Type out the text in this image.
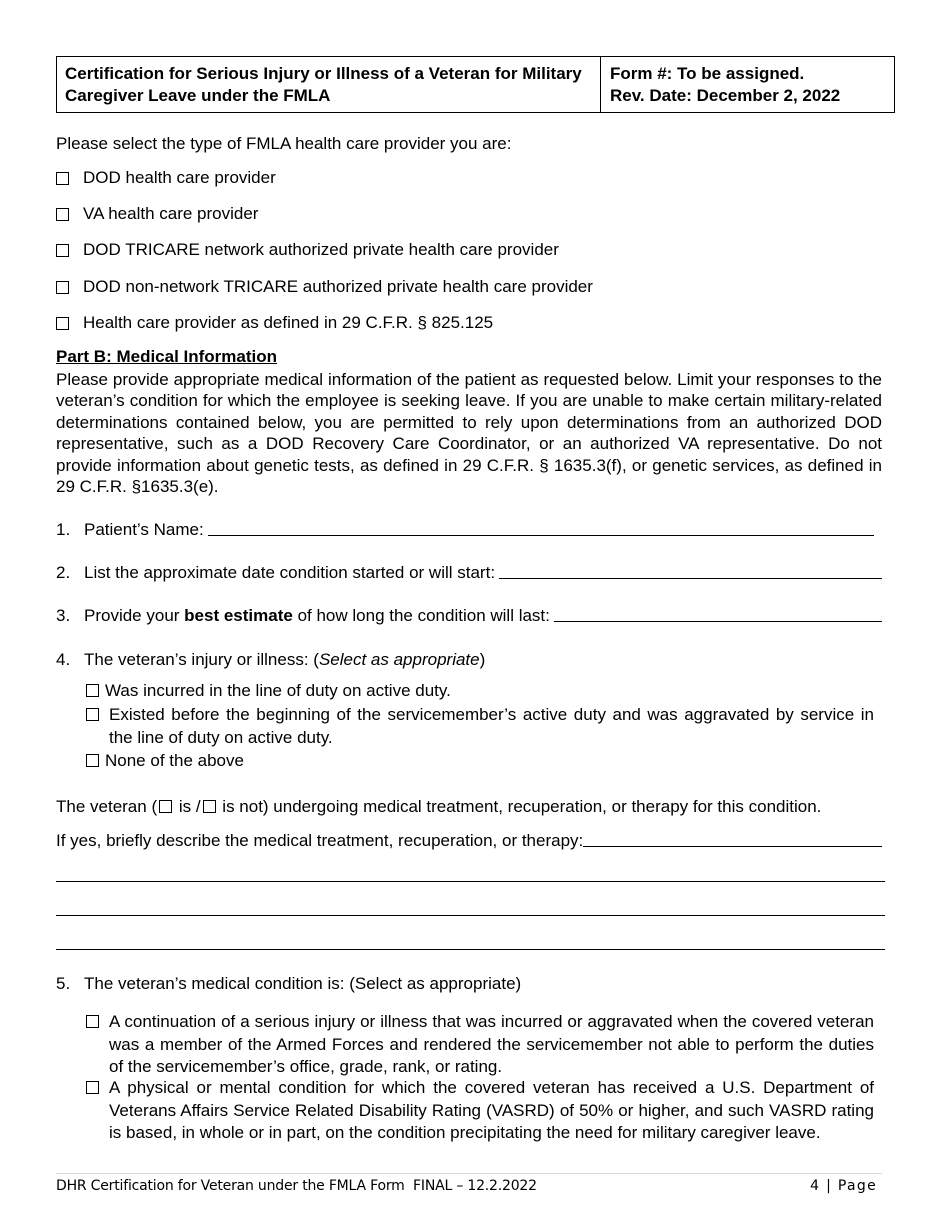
Certification for Serious Injury or Illness of a Veteran for Military Caregiver Leave under the FMLA
Form #: To be assigned.
Rev. Date: December 2, 2022
Please select the type of FMLA health care provider you are:
DOD health care provider
VA health care provider
DOD TRICARE network authorized private health care provider
DOD non-network TRICARE authorized private health care provider
Health care provider as defined in 29 C.F.R. § 825.125
Part B: Medical Information
Please provide appropriate medical information of the patient as requested below. Limit your responses to the veteran’s condition for which the employee is seeking leave. If you are unable to make certain military-related determinations contained below, you are permitted to rely upon determinations from an authorized DOD representative, such as a DOD Recovery Care Coordinator, or an authorized VA representative. Do not provide information about genetic tests, as defined in 29 C.F.R. § 1635.3(f), or genetic services, as defined in 29 C.F.R. §1635.3(e).
1. Patient’s Name:
2. List the approximate date condition started or will start:
3. Provide your best estimate of how long the condition will last:
4. The veteran’s injury or illness: (Select as appropriate)
Was incurred in the line of duty on active duty.
Existed before the beginning of the servicemember’s active duty and was aggravated by service in the line of duty on active duty.
None of the above
The veteran ( is / is not) undergoing medical treatment, recuperation, or therapy for this condition.
If yes, briefly describe the medical treatment, recuperation, or therapy:
5. The veteran’s medical condition is: (Select as appropriate)
A continuation of a serious injury or illness that was incurred or aggravated when the covered veteran was a member of the Armed Forces and rendered the servicemember not able to perform the duties of the servicemember’s office, grade, rank, or rating.
A physical or mental condition for which the covered veteran has received a U.S. Department of Veterans Affairs Service Related Disability Rating (VASRD) of 50% or higher, and such VASRD rating is based, in whole or in part, on the condition precipitating the need for military caregiver leave.
DHR Certification for Veteran under the FMLA Form  FINAL – 12.2.2022	4 | Page
